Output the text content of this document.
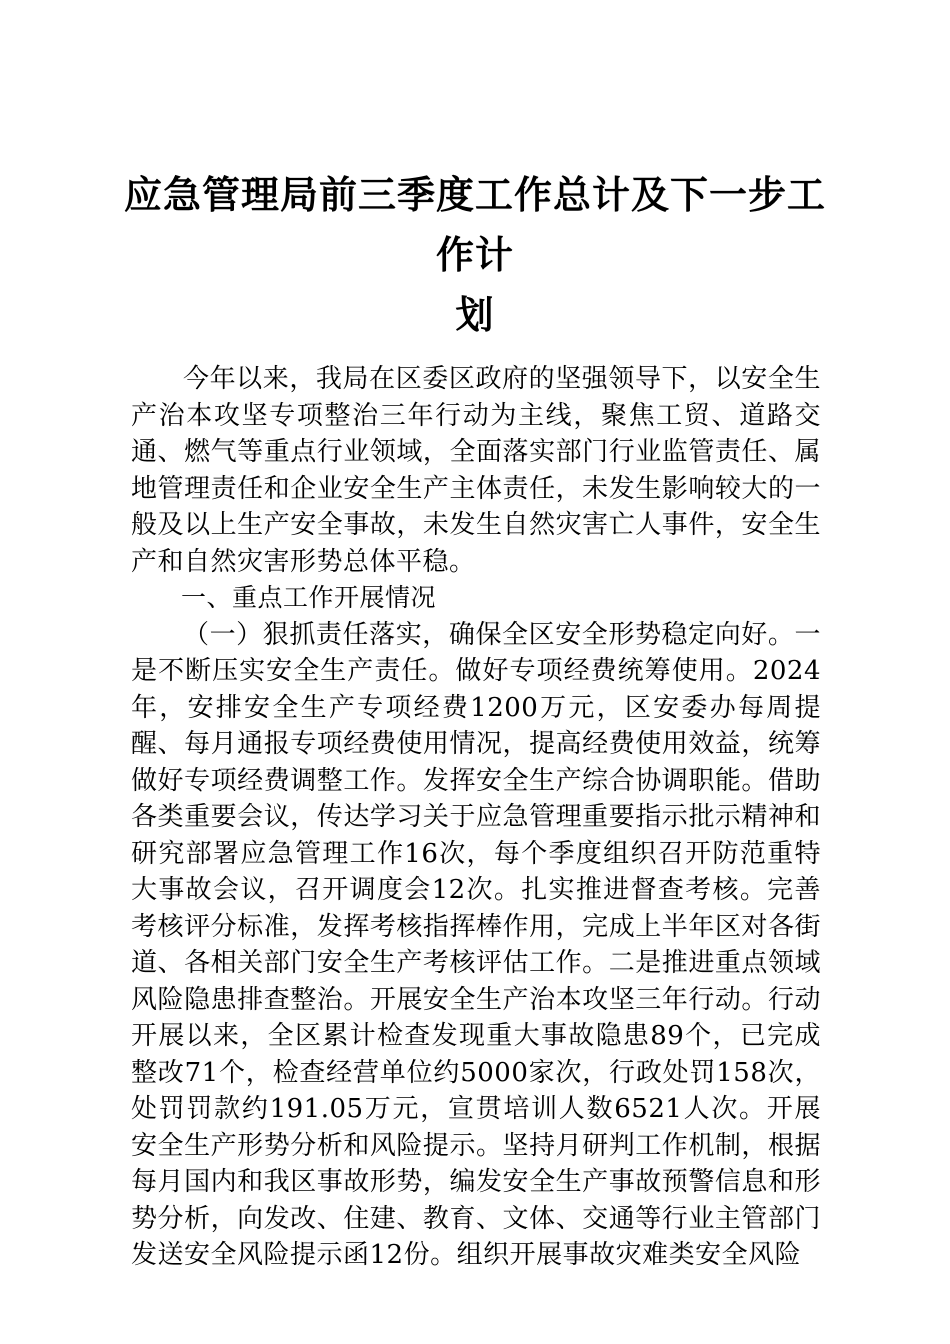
应急管理局前三季度工作总计及下一步工作计
划

今年以来，我局在区委区政府的坚强领导下，以安全生产治本攻坚专项整治三年行动为主线，聚焦工贸、道路交通、燃气等重点行业领域，全面落实部门行业监管责任、属地管理责任和企业安全生产主体责任，未发生影响较大的一般及以上生产安全事故，未发生自然灾害亡人事件，安全生产和自然灾害形势总体平稳。

一、重点工作开展情况

（一）狠抓责任落实，确保全区安全形势稳定向好。一是不断压实安全生产责任。做好专项经费统筹使用。2024年，安排安全生产专项经费1200万元，区安委办每周提醒、每月通报专项经费使用情况，提高经费使用效益，统筹做好专项经费调整工作。发挥安全生产综合协调职能。借助各类重要会议，传达学习关于应急管理重要指示批示精神和研究部署应急管理工作16次，每个季度组织召开防范重特大事故会议，召开调度会12次。扎实推进督查考核。完善考核评分标准，发挥考核指挥棒作用，完成上半年区对各街道、各相关部门安全生产考核评估工作。二是推进重点领域风险隐患排查整治。开展安全生产治本攻坚三年行动。行动开展以来，全区累计检查发现重大事故隐患89个，已完成整改71个，检查经营单位约5000家次，行政处罚158次，处罚罚款约191.05万元，宣贯培训人数6521人次。开展安全生产形势分析和风险提示。坚持月研判工作机制，根据每月国内和我区事故形势，编发安全生产事故预警信息和形势分析，向发改、住建、教育、文体、交通等行业主管部门发送安全风险提示函12份。组织开展事故灾难类安全风险
